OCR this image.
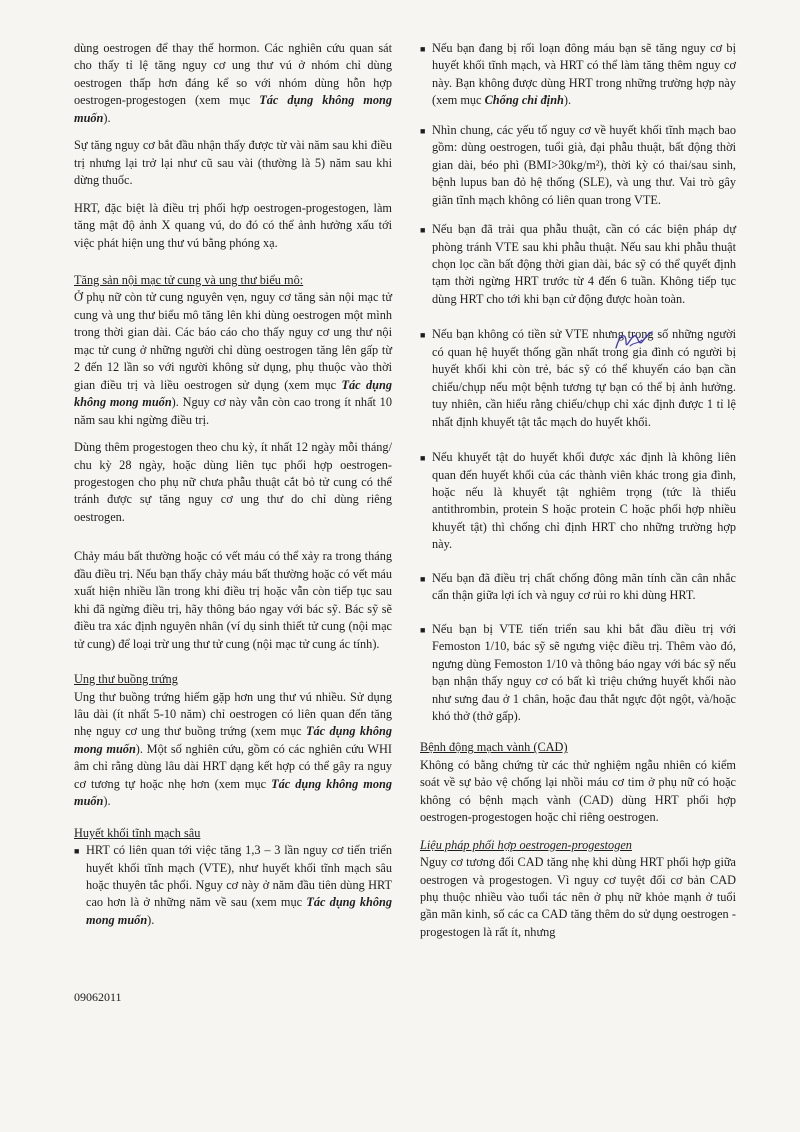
dùng oestrogen để thay thế hormon. Các nghiên cứu quan sát cho thấy tỉ lệ tăng nguy cơ ung thư vú ở nhóm chỉ dùng oestrogen thấp hơn đáng kể so với nhóm dùng hỗn hợp oestrogen-progestogen (xem mục Tác dụng không mong muốn).

Sự tăng nguy cơ bắt đầu nhận thấy được từ vài năm sau khi điều trị nhưng lại trở lại như cũ sau vài (thường là 5) năm sau khi dừng thuốc.

HRT, đặc biệt là điều trị phối hợp oestrogen-progestogen, làm tăng mật độ ảnh X quang vú, do đó có thể ảnh hưởng xấu tới việc phát hiện ung thư vú bằng phóng xạ.

Tăng sản nội mạc tử cung và ung thư biểu mô:

Ở phụ nữ còn tử cung nguyên vẹn, nguy cơ tăng sản nội mạc tử cung và ung thư biểu mô tăng lên khi dùng oestrogen một mình trong thời gian dài. Các báo cáo cho thấy nguy cơ ung thư nội mạc tử cung ở những người chỉ dùng oestrogen tăng lên gấp từ 2 đến 12 lần so với người không sử dụng, phụ thuộc vào thời gian điều trị và liều oestrogen sử dụng (xem mục Tác dụng không mong muốn). Nguy cơ này vẫn còn cao trong ít nhất 10 năm sau khi ngừng điều trị.

Dùng thêm progestogen theo chu kỳ, ít nhất 12 ngày mỗi tháng/ chu kỳ 28 ngày, hoặc dùng liên tục phối hợp oestrogen-progestogen cho phụ nữ chưa phẫu thuật cắt bỏ tử cung có thể tránh được sự tăng nguy cơ ung thư do chỉ dùng riêng oestrogen.

Chảy máu bất thường hoặc có vết máu có thể xảy ra trong tháng đầu điều trị. Nếu bạn thấy chảy máu bất thường hoặc có vết máu xuất hiện nhiều lần trong khi điều trị hoặc vẫn còn tiếp tục sau khi đã ngừng điều trị, hãy thông báo ngay với bác sỹ. Bác sỹ sẽ điều tra xác định nguyên nhân (ví dụ sinh thiết tử cung (nội mạc tử cung) để loại trừ ung thư tử cung (nội mạc tử cung ác tính).

Ung thư buồng trứng

Ung thư buồng trứng hiếm gặp hơn ung thư vú nhiều. Sử dụng lâu dài (ít nhất 5-10 năm) chỉ oestrogen có liên quan đến tăng nhẹ nguy cơ ung thư buồng trứng (xem mục Tác dụng không mong muốn). Một số nghiên cứu, gồm có các nghiên cứu WHI âm chỉ rằng dùng lâu dài HRT dạng kết hợp có thể gây ra nguy cơ tương tự hoặc nhẹ hơn (xem mục Tác dụng không mong muốn).

Huyết khối tĩnh mạch sâu
■ HRT có liên quan tới việc tăng 1,3 – 3 lần nguy cơ tiến triển huyết khối tĩnh mạch (VTE), như huyết khối tĩnh mạch sâu hoặc thuyên tắc phổi. Nguy cơ này ở năm đầu tiên dùng HRT cao hơn là ở những năm về sau (xem mục Tác dụng không mong muốn).
09062011
■ Nếu bạn đang bị rối loạn đông máu bạn sẽ tăng nguy cơ bị huyết khối tĩnh mạch, và HRT có thể làm tăng thêm nguy cơ này. Bạn không được dùng HRT trong những trường hợp này (xem mục Chống chỉ định).
■ Nhìn chung, các yếu tố nguy cơ về huyết khối tĩnh mạch bao gồm: dùng oestrogen, tuổi già, đại phẫu thuật, bất động thời gian dài, béo phì (BMI>30kg/m²), thời kỳ có thai/sau sinh, bệnh lupus ban đỏ hệ thống (SLE), và ung thư. Vai trò gây giãn tĩnh mạch không có liên quan trong VTE.
■ Nếu bạn đã trải qua phẫu thuật, cần có các biện pháp dự phòng tránh VTE sau khi phẫu thuật. Nếu sau khi phẫu thuật chọn lọc cần bất động thời gian dài, bác sỹ có thể quyết định tạm thời ngừng HRT trước từ 4 đến 6 tuần. Không tiếp tục dùng HRT cho tới khi bạn cử động được hoàn toàn.
■ Nếu bạn không có tiền sử VTE nhưng trong số những người có quan hệ huyết thống gần nhất trong gia đình có người bị huyết khối khi còn trẻ, bác sỹ có thể khuyến cáo bạn cần chiếu/chụp nếu một bệnh tương tự bạn có thể bị ảnh hưởng. tuy nhiên, cần hiểu rằng chiếu/chụp chỉ xác định được 1 tỉ lệ nhất định khuyết tật tắc mạch do huyết khối.
■ Nếu khuyết tật do huyết khối được xác định là không liên quan đến huyết khối của các thành viên khác trong gia đình, hoặc nếu là khuyết tật nghiêm trọng (tức là thiếu antithrombin, protein S hoặc protein C hoặc phối hợp nhiều khuyết tật) thì chống chỉ định HRT cho những trường hợp này.
■ Nếu bạn đã điều trị chất chống đông mãn tính cần cân nhắc cẩn thận giữa lợi ích và nguy cơ rủi ro khi dùng HRT.
■ Nếu bạn bị VTE tiến triển sau khi bắt đầu điều trị với Femoston 1/10, bác sỹ sẽ ngưng việc điều trị. Thêm vào đó, ngưng dùng Femoston 1/10 và thông báo ngay với bác sỹ nếu bạn nhận thấy nguy cơ có bất kì triệu chứng huyết khối nào như sưng đau ở 1 chân, hoặc đau thắt ngực đột ngột, và/hoặc khó thở (thở gấp).
Bệnh động mạch vành (CAD)

Không có bằng chứng từ các thử nghiệm ngẫu nhiên có kiểm soát về sự bảo vệ chống lại nhồi máu cơ tim ở phụ nữ có hoặc không có bệnh mạch vành (CAD) dùng HRT phối hợp oestrogen-progestogen hoặc chỉ riêng oestrogen.

Liệu pháp phối hợp oestrogen-progestogen

Nguy cơ tương đối CAD tăng nhẹ khi dùng HRT phối hợp giữa oestrogen và progestogen. Vì nguy cơ tuyệt đối cơ bản CAD phụ thuộc nhiều vào tuổi tác nên ở phụ nữ khỏe mạnh ở tuổi gần mãn kinh, số các ca CAD tăng thêm do sử dụng oestrogen - progestogen là rất ít, nhưng
